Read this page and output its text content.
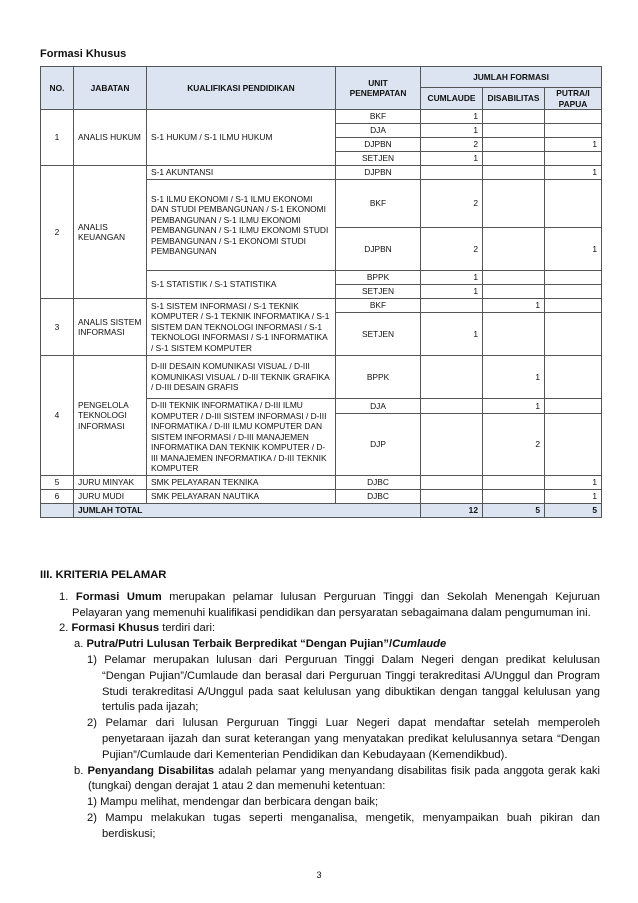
Formasi Khusus

NO.	JABATAN	KUALIFIKASI PENDIDIKAN	UNIT PENEMPATAN	JUMLAH FORMASI		
				CUMLAUDE	DISABILITAS	PUTRA/I PAPUA
1	ANALIS HUKUM	S-1 HUKUM / S-1 ILMU HUKUM	BKF	1		
			DJA	1		
			DJPBN	2		1
			SETJEN	1		
2	ANALIS KEUANGAN	S-1 AKUNTANSI	DJPBN			1
		S-1 ILMU EKONOMI / S-1 ILMU EKONOMI DAN STUDI PEMBANGUNAN / S-1 EKONOMI PEMBANGUNAN / S-1 ILMU EKONOMI PEMBANGUNAN / S-1 ILMU EKONOMI STUDI PEMBANGUNAN / S-1 EKONOMI STUDI PEMBANGUNAN	BKF	2		
			DJPBN	2		1
		S-1 STATISTIK / S-1 STATISTIKA	BPPK	1		
			SETJEN	1		
3	ANALIS SISTEM INFORMASI	S-1 SISTEM INFORMASI / S-1 TEKNIK KOMPUTER / S-1 TEKNIK INFORMATIKA / S-1 SISTEM DAN TEKNOLOGI INFORMASI / S-1 TEKNOLOGI INFORMASI / S-1 INFORMATIKA / S-1 SISTEM KOMPUTER	BKF		1	
			SETJEN	1		
4	PENGELOLA TEKNOLOGI INFORMASI	D-III DESAIN KOMUNIKASI VISUAL / D-III KOMUNIKASI VISUAL / D-III TEKNIK GRAFIKA / D-III DESAIN GRAFIS	BPPK		1	
		D-III TEKNIK INFORMATIKA / D-III ILMU KOMPUTER / D-III SISTEM INFORMASI / D-III INFORMATIKA / D-III ILMU KOMPUTER DAN SISTEM INFORMASI / D-III MANAJEMEN INFORMATIKA DAN TEKNIK KOMPUTER / D-III MANAJEMEN INFORMATIKA / D-III TEKNIK KOMPUTER	DJA		1	
			DJP		2	
5	JURU MINYAK	SMK PELAYARAN TEKNIKA	DJBC			1
6	JURU MUDI	SMK PELAYARAN NAUTIKA	DJBC			1
	JUMLAH TOTAL			12	5	5

III. KRITERIA PELAMAR

1. Formasi Umum merupakan pelamar lulusan Perguruan Tinggi dan Sekolah Menengah Kejuruan Pelayaran yang memenuhi kualifikasi pendidikan dan persyaratan sebagaimana dalam pengumuman ini.

2. Formasi Khusus terdiri dari:

a. Putra/Putri Lulusan Terbaik Berpredikat “Dengan Pujian”/Cumlaude

1) Pelamar merupakan lulusan dari Perguruan Tinggi Dalam Negeri dengan predikat kelulusan “Dengan Pujian”/Cumlaude dan berasal dari Perguruan Tinggi terakreditasi A/Unggul dan Program Studi terakreditasi A/Unggul pada saat kelulusan yang dibuktikan dengan tanggal kelulusan yang tertulis pada ijazah;

2) Pelamar dari lulusan Perguruan Tinggi Luar Negeri dapat mendaftar setelah memperoleh penyetaraan ijazah dan surat keterangan yang menyatakan predikat kelulusannya setara “Dengan Pujian”/Cumlaude dari Kementerian Pendidikan dan Kebudayaan (Kemendikbud).

b. Penyandang Disabilitas adalah pelamar yang menyandang disabilitas fisik pada anggota gerak kaki (tungkai) dengan derajat 1 atau 2 dan memenuhi ketentuan:

1) Mampu melihat, mendengar dan berbicara dengan baik;

2) Mampu melakukan tugas seperti menganalisa, mengetik, menyampaikan buah pikiran dan berdiskusi;

3
